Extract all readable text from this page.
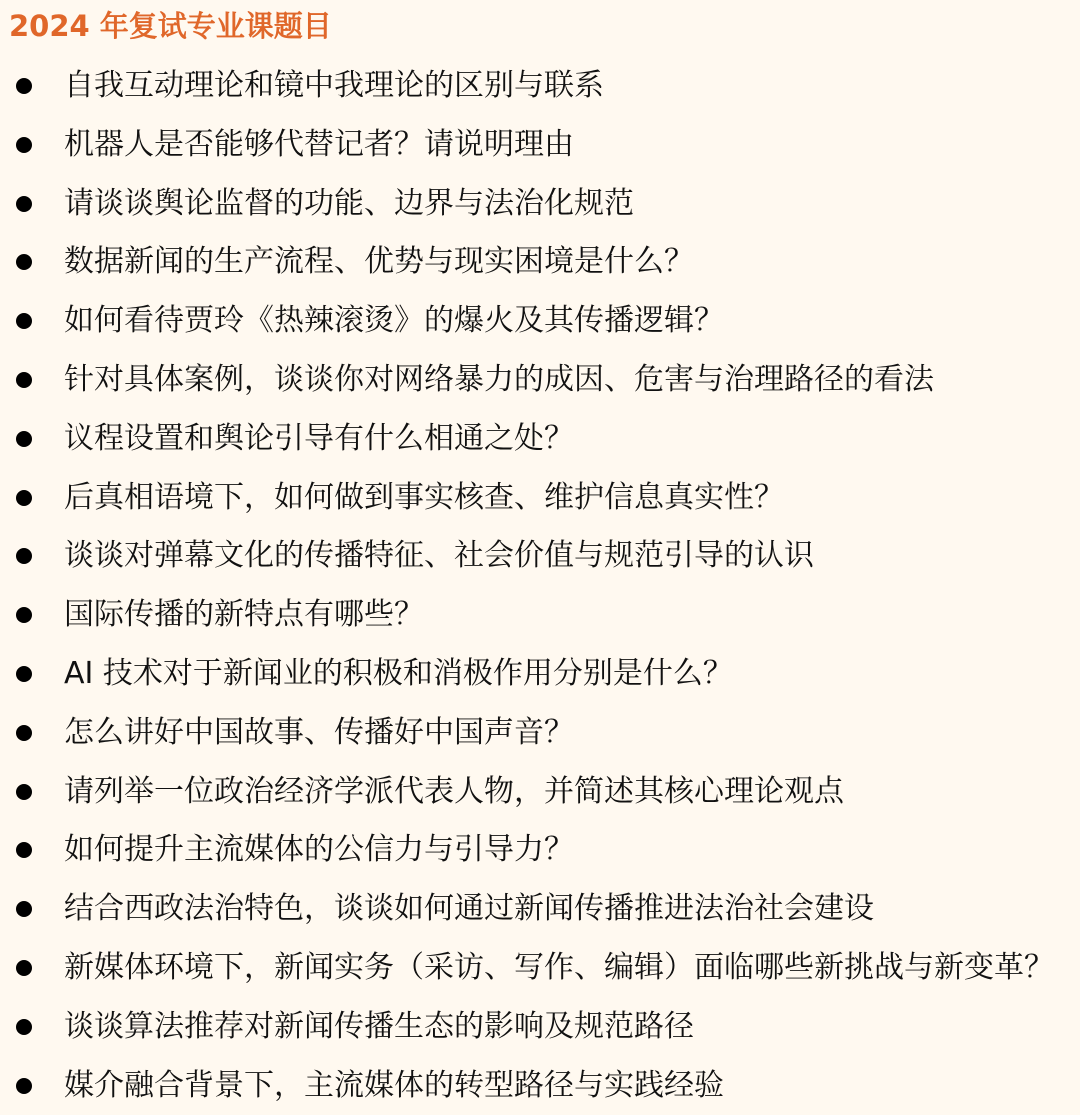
2024 年复试专业课题目
自我互动理论和镜中我理论的区别与联系
机器人是否能够代替记者？请说明理由
请谈谈舆论监督的功能、边界与法治化规范
数据新闻的生产流程、优势与现实困境是什么？
如何看待贾玲《热辣滚烫》的爆火及其传播逻辑？
针对具体案例，谈谈你对网络暴力的成因、危害与治理路径的看法
议程设置和舆论引导有什么相通之处？
后真相语境下，如何做到事实核查、维护信息真实性？
谈谈对弹幕文化的传播特征、社会价值与规范引导的认识
国际传播的新特点有哪些？
AI 技术对于新闻业的积极和消极作用分别是什么？
怎么讲好中国故事、传播好中国声音？
请列举一位政治经济学派代表人物，并简述其核心理论观点
如何提升主流媒体的公信力与引导力？
结合西政法治特色，谈谈如何通过新闻传播推进法治社会建设
新媒体环境下，新闻实务（采访、写作、编辑）面临哪些新挑战与新变革？
谈谈算法推荐对新闻传播生态的影响及规范路径
媒介融合背景下，主流媒体的转型路径与实践经验
